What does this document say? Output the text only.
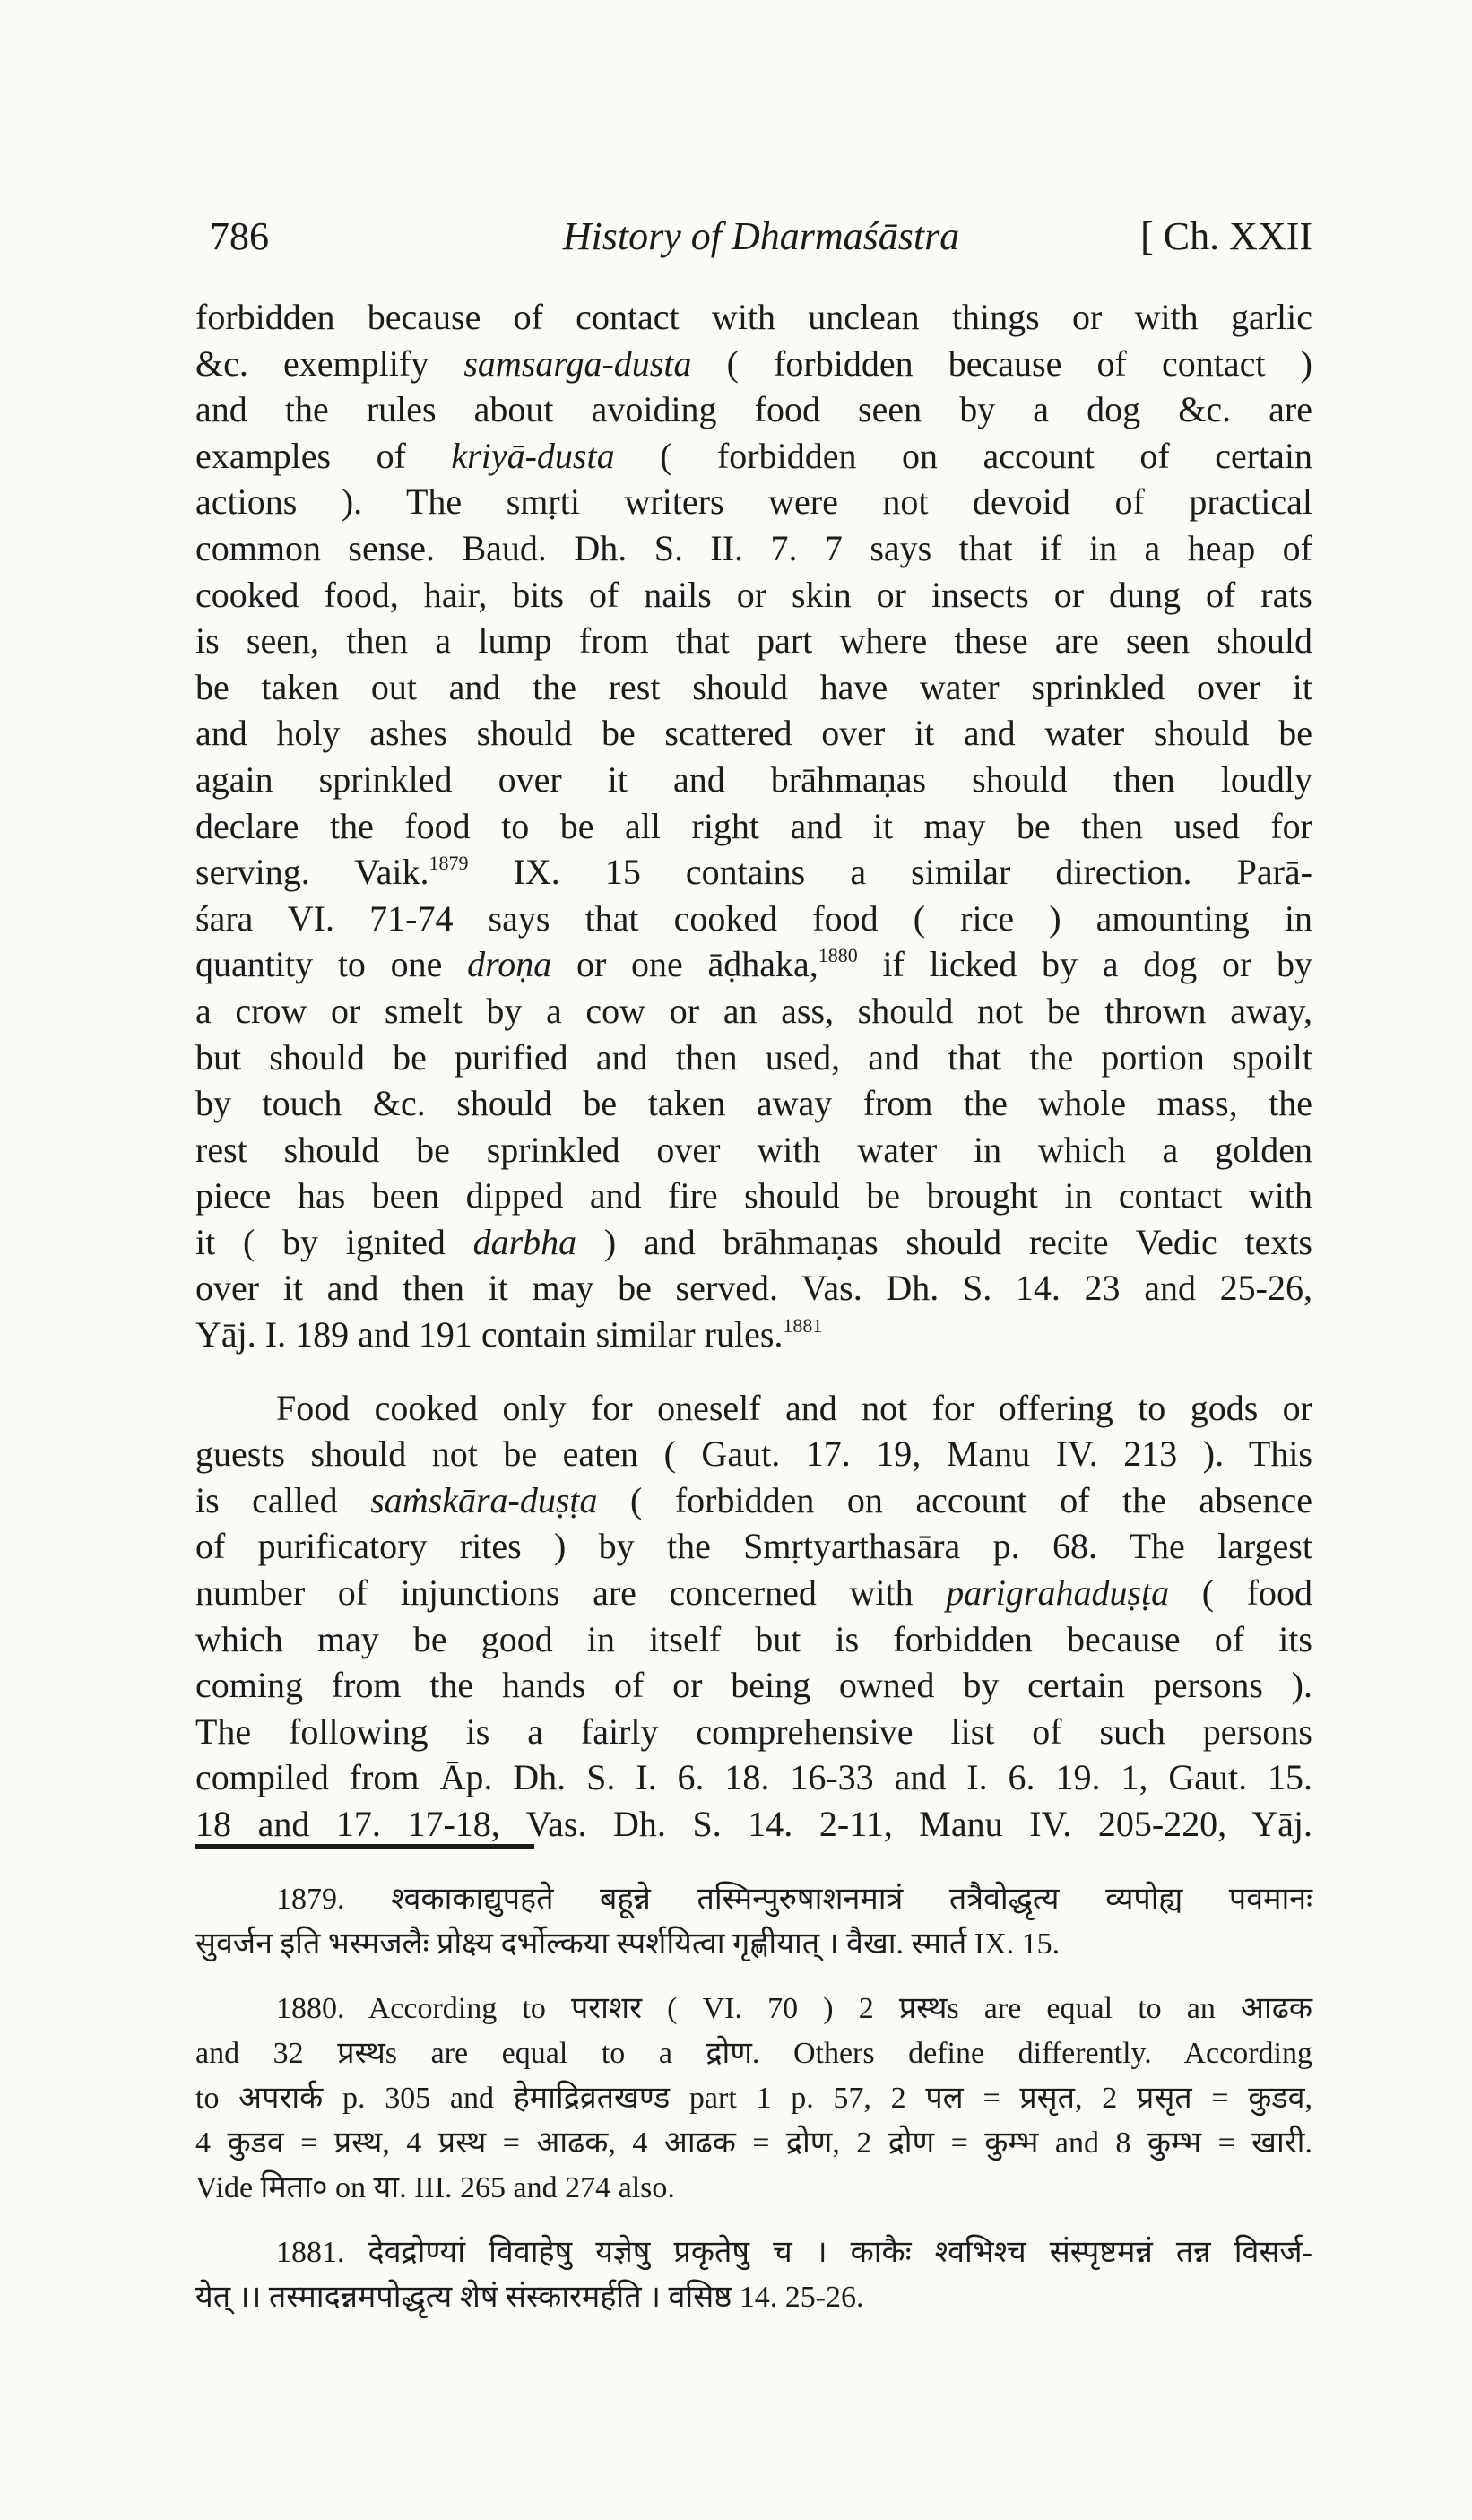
786	History of Dharmaśāstra	[ Ch. XXII

forbidden because of contact with unclean things or with garlic
&c. exemplify samsarga-dusta ( forbidden because of contact )
and the rules about avoiding food seen by a dog &c. are
examples of kriyā-dusta ( forbidden on account of certain
actions ). The smṛti writers were not devoid of practical
common sense. Baud. Dh. S. II. 7. 7 says that if in a heap of
cooked food, hair, bits of nails or skin or insects or dung of rats
is seen, then a lump from that part where these are seen should
be taken out and the rest should have water sprinkled over it
and holy ashes should be scattered over it and water should be
again sprinkled over it and brāhmaṇas should then loudly
declare the food to be all right and it may be then used for
serving. Vaik.$^{1879}$ IX. 15 contains a similar direction. Parā-
śara VI. 71-74 says that cooked food ( rice ) amounting in
quantity to one droṇa or one āḍhaka,$^{1880}$ if licked by a dog or by
a crow or smelt by a cow or an ass, should not be thrown away,
but should be purified and then used, and that the portion spoilt
by touch &c. should be taken away from the whole mass, the
rest should be sprinkled over with water in which a golden
piece has been dipped and fire should be brought in contact with
it ( by ignited darbha ) and brāhmaṇas should recite Vedic texts
over it and then it may be served. Vas. Dh. S. 14. 23 and 25-26,
Yāj. I. 189 and 191 contain similar rules.$^{1881}$

Food cooked only for oneself and not for offering to gods or
guests should not be eaten ( Gaut. 17. 19, Manu IV. 213 ). This
is called saṁskāra-duṣṭa ( forbidden on account of the absence
of purificatory rites ) by the Smṛtyarthasāra p. 68. The largest
number of injunctions are concerned with parigrahaduṣṭa ( food
which may be good in itself but is forbidden because of its
coming from the hands of or being owned by certain persons ).
The following is a fairly comprehensive list of such persons
compiled from Āp. Dh. S. I. 6. 18. 16-33 and I. 6. 19. 1, Gaut. 15.
18 and 17. 17-18, Vas. Dh. S. 14. 2-11, Manu IV. 205-220, Yāj.

1879. श्वकाकाद्युपहते बहून्ने तस्मिन्पुरुषाशनमात्रं तत्रैवोद्धृत्य व्यपोह्य पवमानः
सुवर्जन इति भस्मजलैः प्रोक्ष्य दर्भोल्कया स्पर्शयित्वा गृह्णीयात् । वैखा. स्मार्त IX. 15.
1880. According to पराशर ( VI. 70 ) 2 प्रस्थs are equal to an आढक
and 32 प्रस्थs are equal to a द्रोण. Others define differently. According
to अपरार्क p. 305 and हेमाद्रिव्रतखण्ड part 1 p. 57, 2 पल = प्रसृत, 2 प्रसृत = कुडव,
4 कुडव = प्रस्थ, 4 प्रस्थ = आढक, 4 आढक = द्रोण, 2 द्रोण = कुम्भ and 8 कुम्भ = खारी.
Vide मिता० on या. III. 265 and 274 also.
1881. देवद्रोण्यां विवाहेषु यज्ञेषु प्रकृतेषु च । काकैः श्वभिश्च संस्पृष्टमन्नं तन्न विसर्ज-
येत् ।। तस्मादन्नमपोद्धृत्य शेषं संस्कारमर्हति । वसिष्ठ 14. 25-26.
